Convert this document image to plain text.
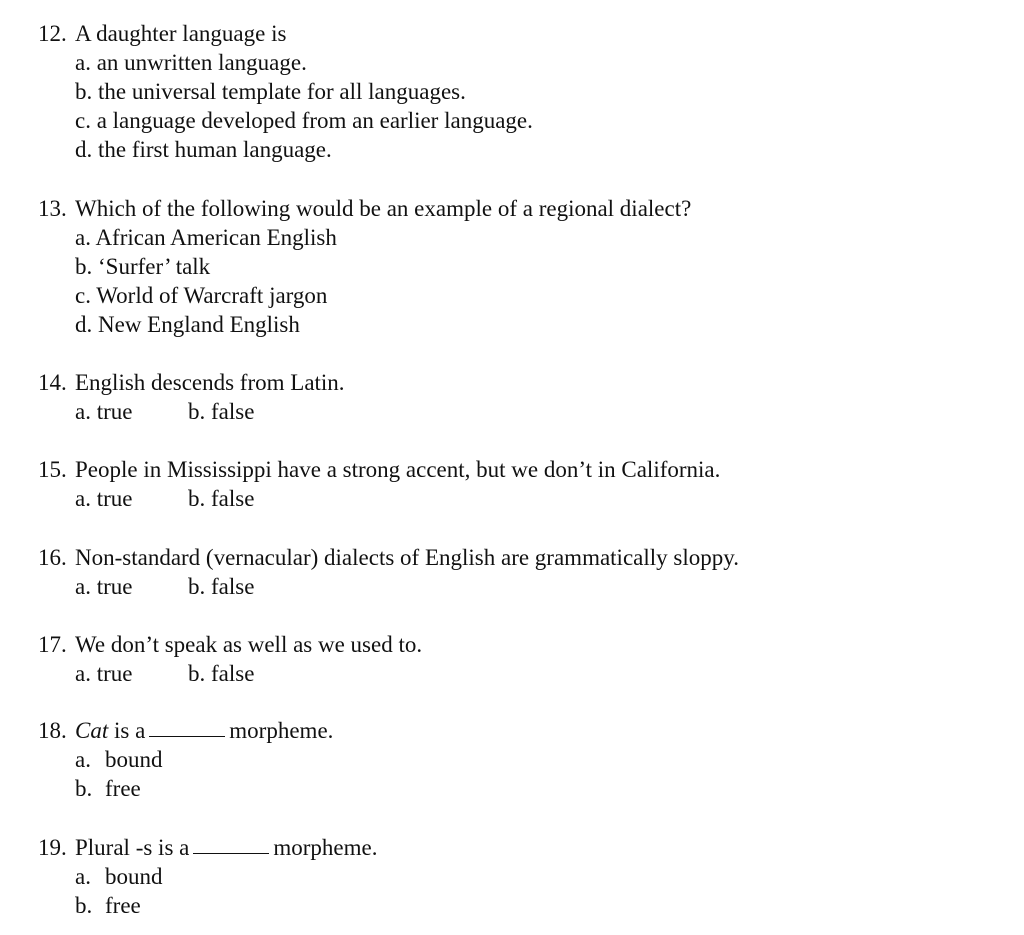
12. A daughter language is
a. an unwritten language.
b. the universal template for all languages.
c. a language developed from an earlier language.
d. the first human language.
13. Which of the following would be an example of a regional dialect?
a. African American English
b. ‘Surfer’ talk
c. World of Warcraft jargon
d. New England English
14. English descends from Latin.
a. true b. false
15. People in Mississippi have a strong accent, but we don’t in California.
a. true b. false
16. Non-standard (vernacular) dialects of English are grammatically sloppy.
a. true b. false
17. We don’t speak as well as we used to.
a. true b. false
18. Cat is a	morpheme.
a. bound
b. free
19. Plural -s is a	morpheme.
a. bound
b. free
